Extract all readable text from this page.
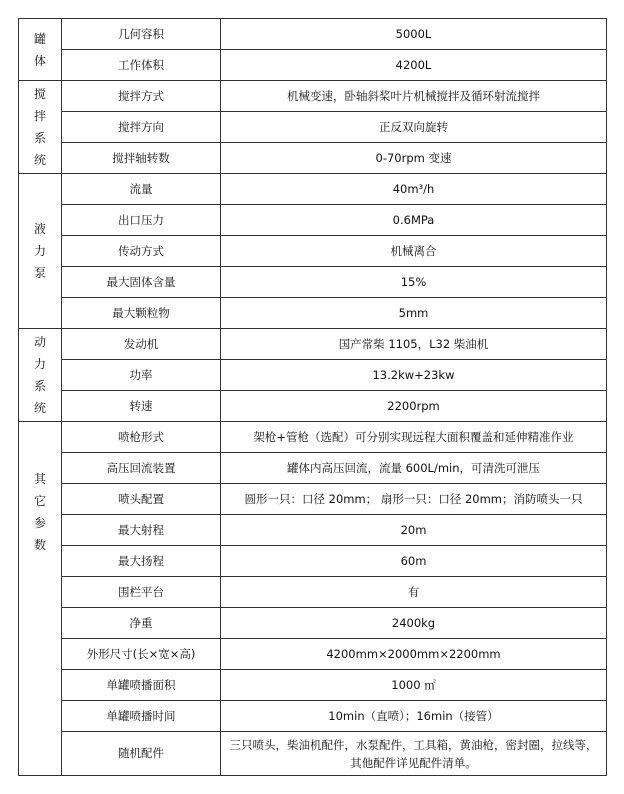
罐体	几何容积	5000L
	工作体积	4200L

搅拌系统	搅拌方式	机械变速，卧轴斜桨叶片机械搅拌及循环射流搅拌
	搅拌方向	正反双向旋转
	搅拌轴转数	0-70rpm 变速

液力泵	流量	40m³/h
	出口压力	0.6MPa
	传动方式	机械离合
	最大固体含量	15%
	最大颗粒物	5mm

动力系统	发动机	国产常柴 1105，L32 柴油机
	功率	13.2kw+23kw
	转速	2200rpm

其它参数	喷枪形式	架枪+管枪（选配）可分别实现远程大面积覆盖和延伸精准作业
	高压回流装置	罐体内高压回流，流量 600L/min，可清洗可泄压
	喷头配置	圆形一只：口径 20mm； 扇形一只：口径 20mm；消防喷头一只
	最大射程	20m
	最大扬程	60m
	围栏平台	有
	净重	2400kg
	外形尺寸(长×宽×高)	4200mm×2000mm×2200mm
	单罐喷播面积	1000 ㎡
	单罐喷播时间	10min（直喷）；16min（接管）
	随机配件	三只喷头，柴油机配件，水泵配件，工具箱，黄油枪，密封圈，拉线等，其他配件详见配件清单。
